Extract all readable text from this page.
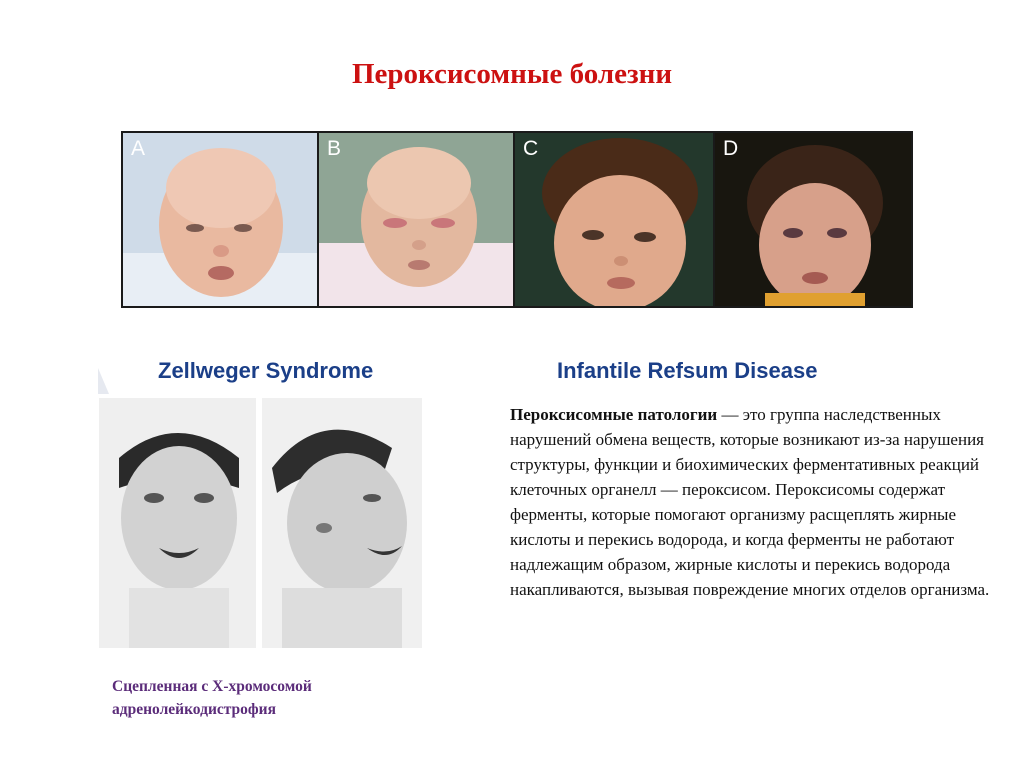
Пероксисомные болезни
A	B	C	D
Zellweger Syndrome	Infantile Refsum Disease
Сцепленная с Х-хромосомой
адренолейкодистрофия
Пероксисомные патологии — это группа наследственных нарушений обмена веществ, которые возникают из-за нарушения структуры, функции и биохимических ферментативных реакций клеточных органелл — пероксисом. Пероксисомы содержат ферменты, которые помогают организму расщеплять жирные кислоты и перекись водорода, и когда ферменты не работают надлежащим образом, жирные кислоты и перекись водорода накапливаются, вызывая повреждение многих отделов организма.
